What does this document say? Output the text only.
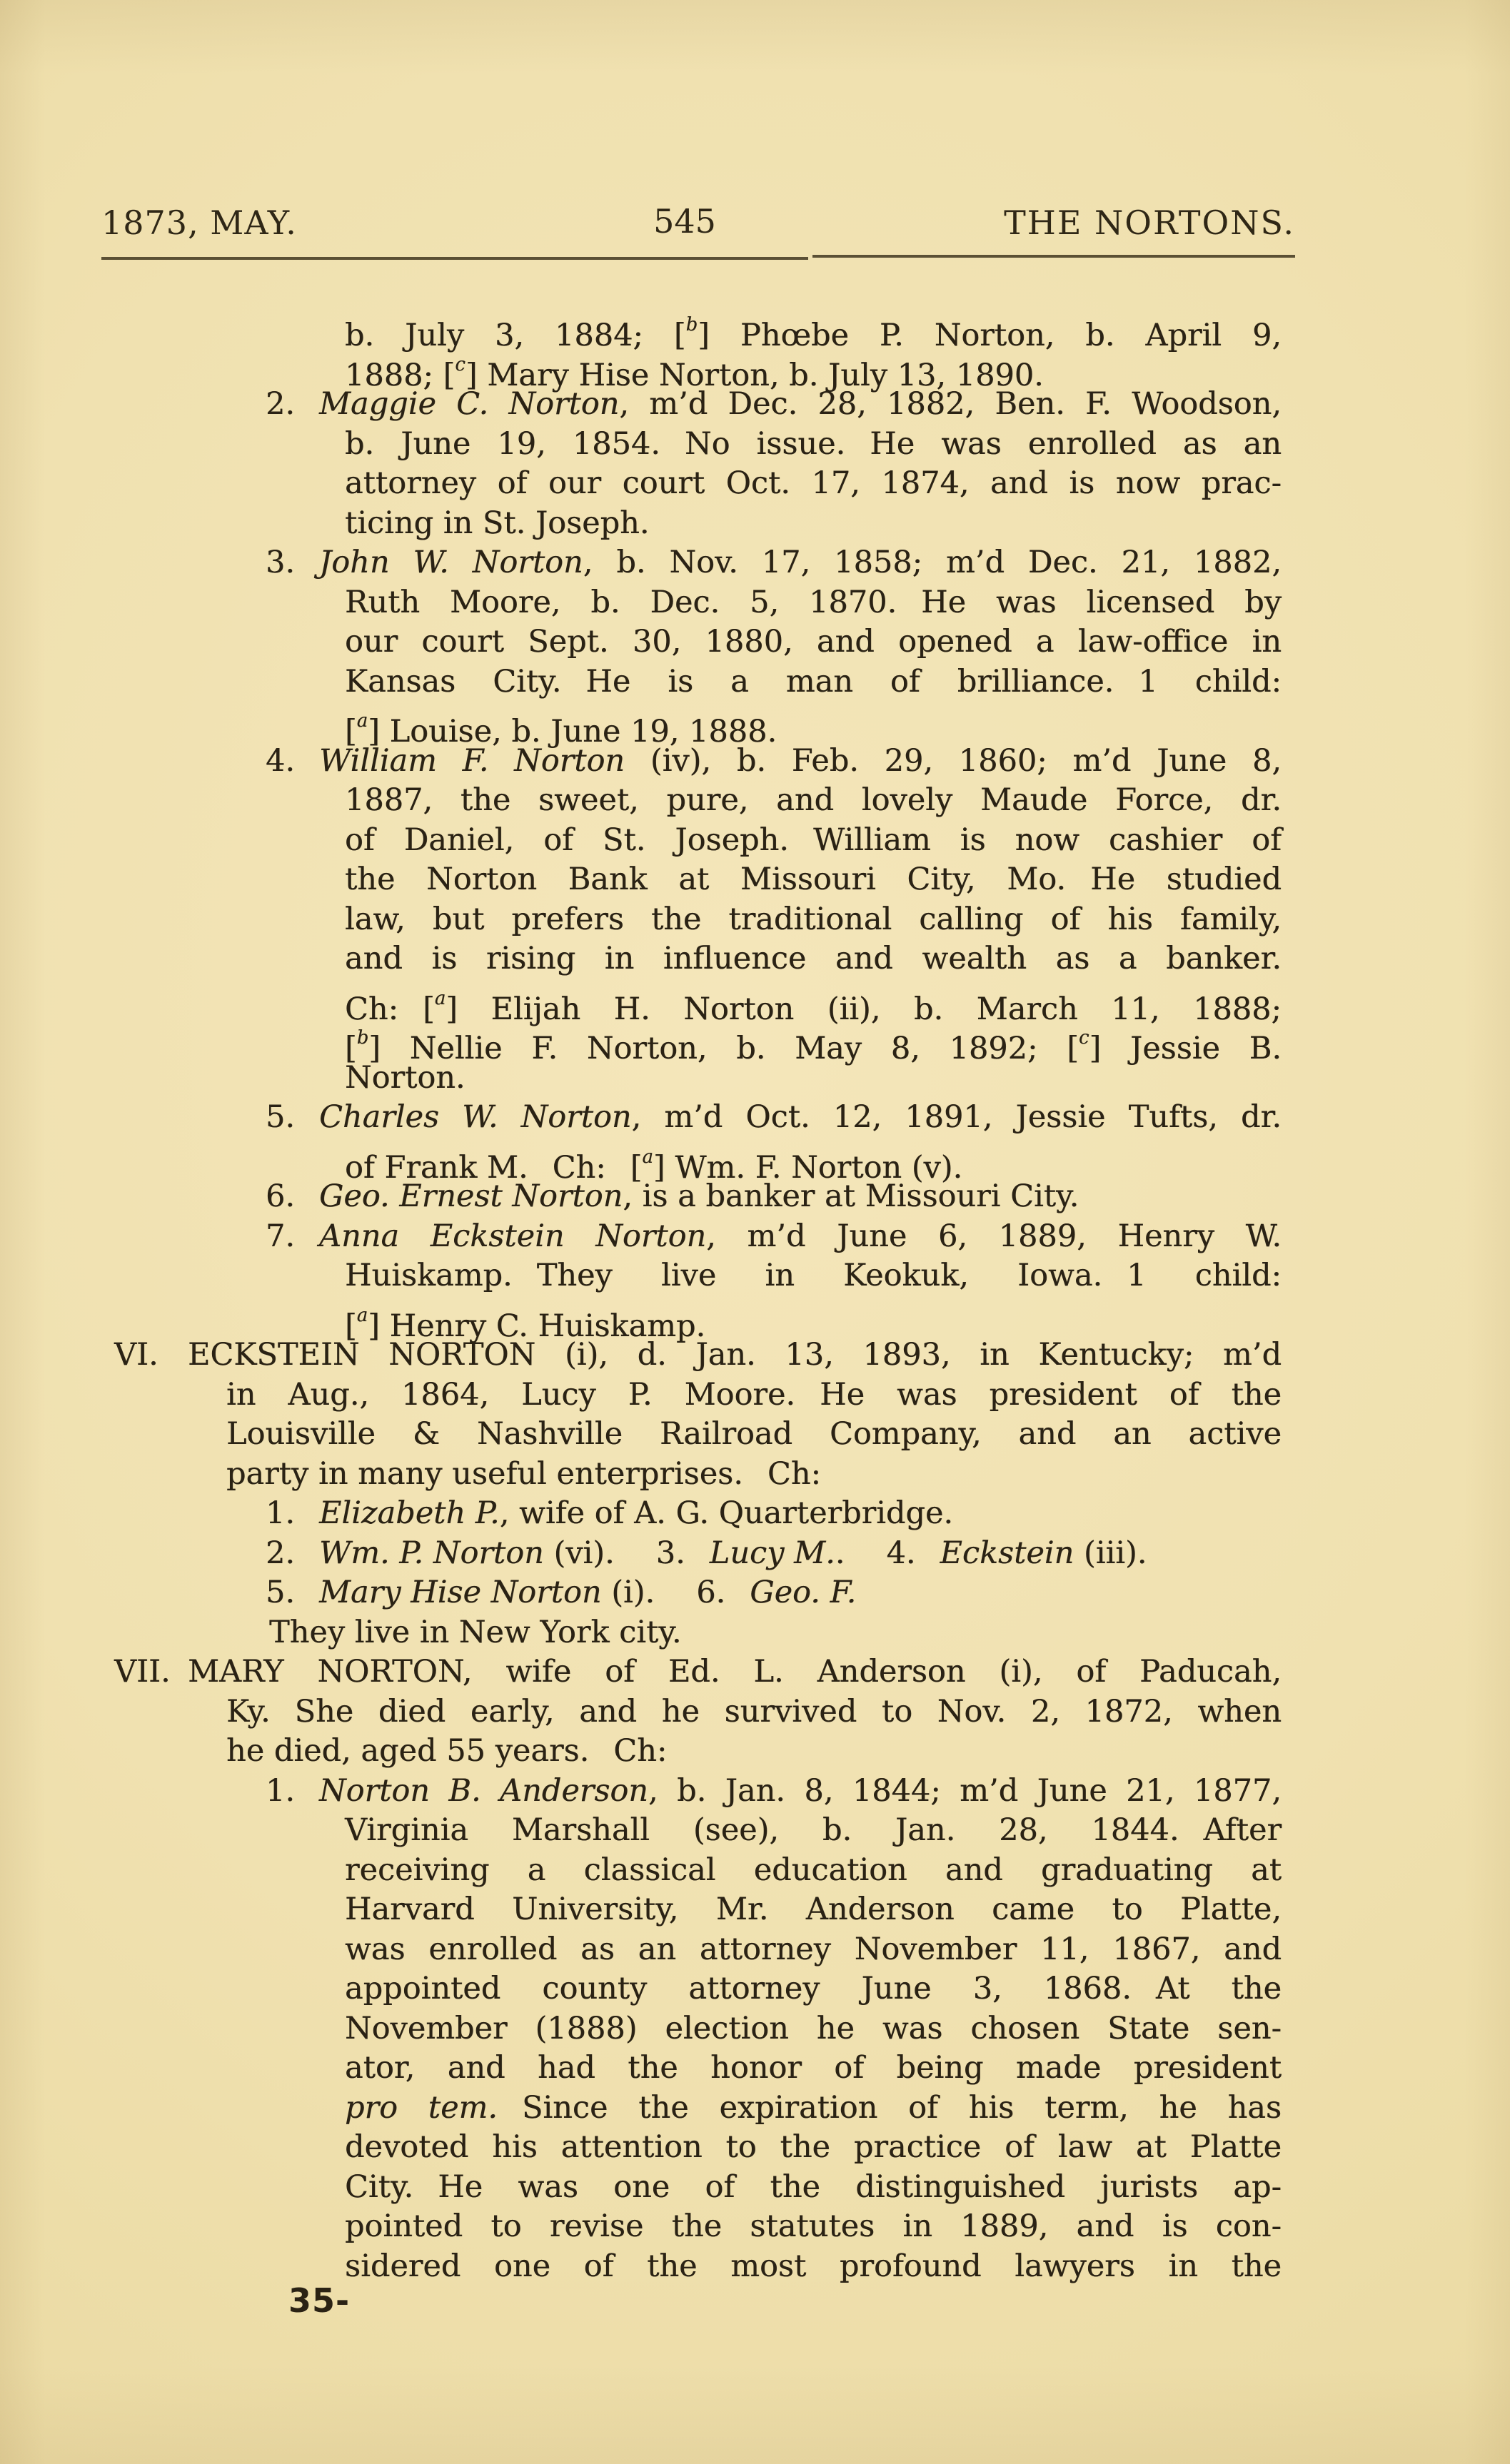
1873, MAY.	545	THE NORTONS.
b. July 3, 1884; [$^b$] Phœbe P. Norton, b. April 9,
1888; [$^c$] Mary Hise Norton, b. July 13, 1890.
2. Maggie C. Norton, m’d Dec. 28, 1882, Ben. F. Woodson,
b. June 19, 1854. No issue. He was enrolled as an
attorney of our court Oct. 17, 1874, and is now prac-
ticing in St. Joseph.
3. John W. Norton, b. Nov. 17, 1858; m’d Dec. 21, 1882,
Ruth Moore, b. Dec. 5, 1870. He was licensed by
our court Sept. 30, 1880, and opened a law-office in
Kansas City. He is a man of brilliance. 1 child:
[$^a$] Louise, b. June 19, 1888.
4. William F. Norton (iv), b. Feb. 29, 1860; m’d June 8,
1887, the sweet, pure, and lovely Maude Force, dr.
of Daniel, of St. Joseph. William is now cashier of
the Norton Bank at Missouri City, Mo. He studied
law, but prefers the traditional calling of his family,
and is rising in influence and wealth as a banker.
Ch: [$^a$] Elijah H. Norton (ii), b. March 11, 1888;
[$^b$] Nellie F. Norton, b. May 8, 1892; [$^c$] Jessie B.
Norton.
5. Charles W. Norton, m’d Oct. 12, 1891, Jessie Tufts, dr.
of Frank M. Ch: [$^a$] Wm. F. Norton (v).
6. Geo. Ernest Norton, is a banker at Missouri City.
7. Anna Eckstein Norton, m’d June 6, 1889, Henry W.
Huiskamp. They live in Keokuk, Iowa. 1 child:
[$^a$] Henry C. Huiskamp.
VI. ECKSTEIN NORTON (i), d. Jan. 13, 1893, in Kentucky; m’d
in Aug., 1864, Lucy P. Moore. He was president of the
Louisville & Nashville Railroad Company, and an active
party in many useful enterprises. Ch:
1. Elizabeth P., wife of A. G. Quarterbridge.
2. Wm. P. Norton (vi). 3. Lucy M.. 4. Eckstein (iii).
5. Mary Hise Norton (i). 6. Geo. F.
They live in New York city.
VII. MARY NORTON, wife of Ed. L. Anderson (i), of Paducah,
Ky. She died early, and he survived to Nov. 2, 1872, when
he died, aged 55 years. Ch:
1. Norton B. Anderson, b. Jan. 8, 1844; m’d June 21, 1877,
Virginia Marshall (see), b. Jan. 28, 1844. After
receiving a classical education and graduating at
Harvard University, Mr. Anderson came to Platte,
was enrolled as an attorney November 11, 1867, and
appointed county attorney June 3, 1868. At the
November (1888) election he was chosen State sen-
ator, and had the honor of being made president
pro tem. Since the expiration of his term, he has
devoted his attention to the practice of law at Platte
City. He was one of the distinguished jurists ap-
pointed to revise the statutes in 1889, and is con-
sidered one of the most profound lawyers in the
35-
